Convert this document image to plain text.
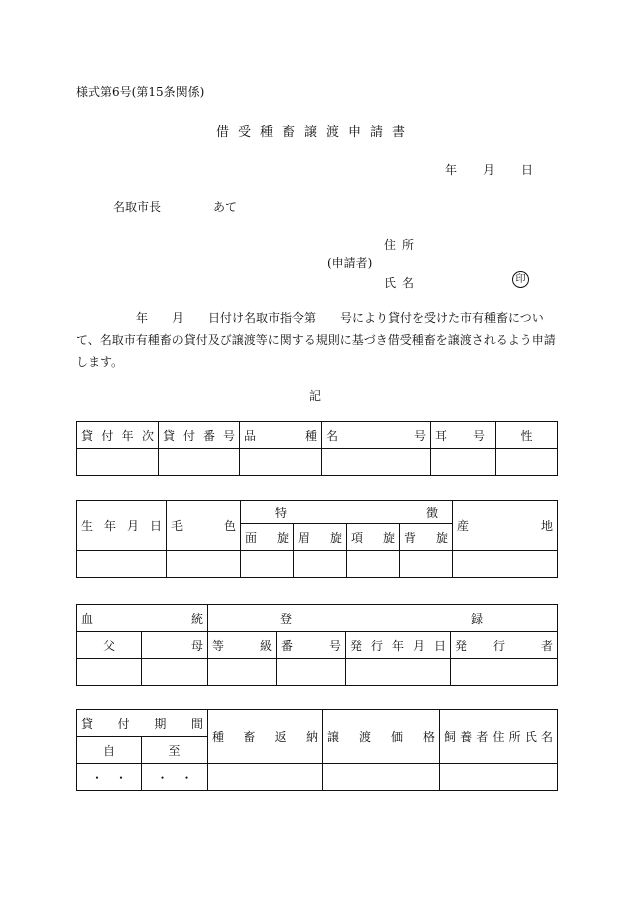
様式第6号(第15条関係)
借受種畜譲渡申請書
年 月 日
名取市長	あて
住所
(申請者)
氏名	印
　　　　　年　　月　　日付け名取市指令第　　号により貸付を受けた市有種畜について、名取市有種畜の貸付及び譲渡等に関する規則に基づき借受種畜を譲渡されるよう申請します。
記
貸付年次	貸付番号	品 種	名 号	耳 号	性

生年月日	毛 色	特 徴				産 地

		面旋	眉旋	項旋	背旋	

血 統		登 録			

父	母	等 級	番 号	発行年月日	発 行 者

貸付期間		種畜返納	譲渡価格	飼養者住所氏名
自	至			
・　・	・　・			
